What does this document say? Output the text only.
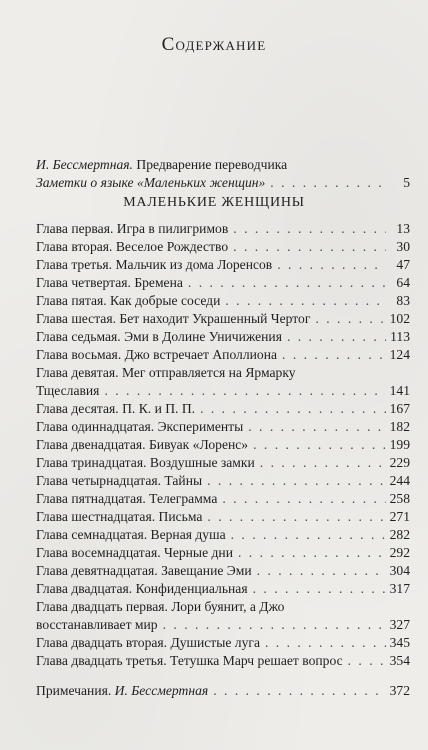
Содержание
И. Бессмертная. Предварение переводчика
Заметки о языке «Маленьких женщин» . . .	5
МАЛЕНЬКИЕ ЖЕНЩИНЫ
Глава первая. Игра в пилигримов . . .	13
Глава вторая. Веселое Рождество . . .	30
Глава третья. Мальчик из дома Лоренсов . . .	47
Глава четвертая. Бремена . . .	64
Глава пятая. Как добрые соседи . . .	83
Глава шестая. Бет находит Украшенный Чертог . . .	102
Глава седьмая. Эми в Долине Уничижения . . .	113
Глава восьмая. Джо встречает Аполлиона . . .	124
Глава девятая. Мег отправляется на Ярмарку
Тщеславия . . .	141
Глава десятая. П. К. и П. П. . . .	167
Глава одиннадцатая. Эксперименты . . .	182
Глава двенадцатая. Бивуак «Лоренс» . . .	199
Глава тринадцатая. Воздушные замки . . .	229
Глава четырнадцатая. Тайны . . .	244
Глава пятнадцатая. Телеграмма . . .	258
Глава шестнадцатая. Письма . . .	271
Глава семнадцатая. Верная душа . . .	282
Глава восемнадцатая. Черные дни . . .	292
Глава девятнадцатая. Завещание Эми . . .	304
Глава двадцатая. Конфиденциальная . . .	317
Глава двадцать первая. Лори буянит, а Джо
восстанавливает мир . . .	327
Глава двадцать вторая. Душистые луга . . .	345
Глава двадцать третья. Тетушка Марч решает вопрос . . .	354
Примечания. И. Бессмертная . . .	372
